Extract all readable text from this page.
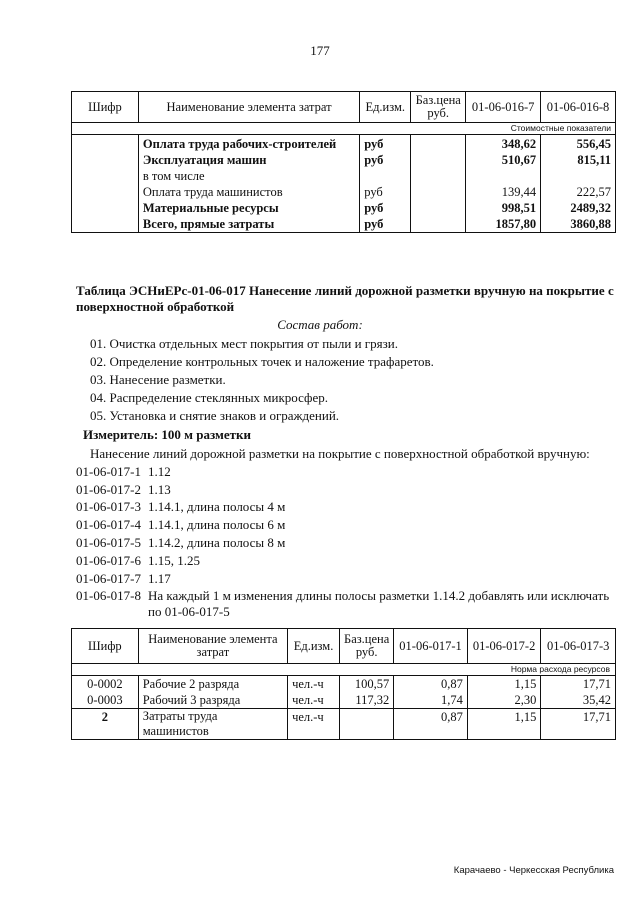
177
Шифр	Наименование элемента затрат	Ед.изм.	Баз.цена руб.	01-06-016-7	01-06-016-8
Стоимостные показатели					
	Оплата труда рабочих-строителей	руб		348,62	556,45
	Эксплуатация машин	руб		510,67	815,11
	в том числе				
	Оплата труда машинистов	руб		139,44	222,57
	Материальные ресурсы	руб		998,51	2489,32
	Всего, прямые затраты	руб		1857,80	3860,88
Таблица ЭСНиЕРс-01-06-017 Нанесение линий дорожной разметки вручную на покрытие с поверхностной обработкой
Состав работ:
01. Очистка отдельных мест покрытия от пыли и грязи.
02. Определение контрольных точек и наложение трафаретов.
03. Нанесение разметки.
04. Распределение стеклянных микросфер.
05. Установка и снятие знаков и ограждений.
Измеритель: 100 м разметки
Нанесение линий дорожной разметки на покрытие с поверхностной обработкой вручную:
01-06-017-1 1.12
01-06-017-2 1.13
01-06-017-3 1.14.1, длина полосы 4 м
01-06-017-4 1.14.1, длина полосы 6 м
01-06-017-5 1.14.2, длина полосы 8 м
01-06-017-6 1.15, 1.25
01-06-017-7 1.17
01-06-017-8 На каждый 1 м изменения длины полосы разметки 1.14.2 добавлять или исключать по 01-06-017-5
Шифр	Наименование элемента затрат	Ед.изм.	Баз.цена руб.	01-06-017-1	01-06-017-2	01-06-017-3
Норма расхода ресурсов						
0-0002	Рабочие 2 разряда	чел.-ч	100,57	0,87	1,15	17,71
0-0003	Рабочий 3 разряда	чел.-ч	117,32	1,74	2,30	35,42
2	Затраты труда машинистов	чел.-ч		0,87	1,15	17,71
Карачаево - Черкесская Республика
